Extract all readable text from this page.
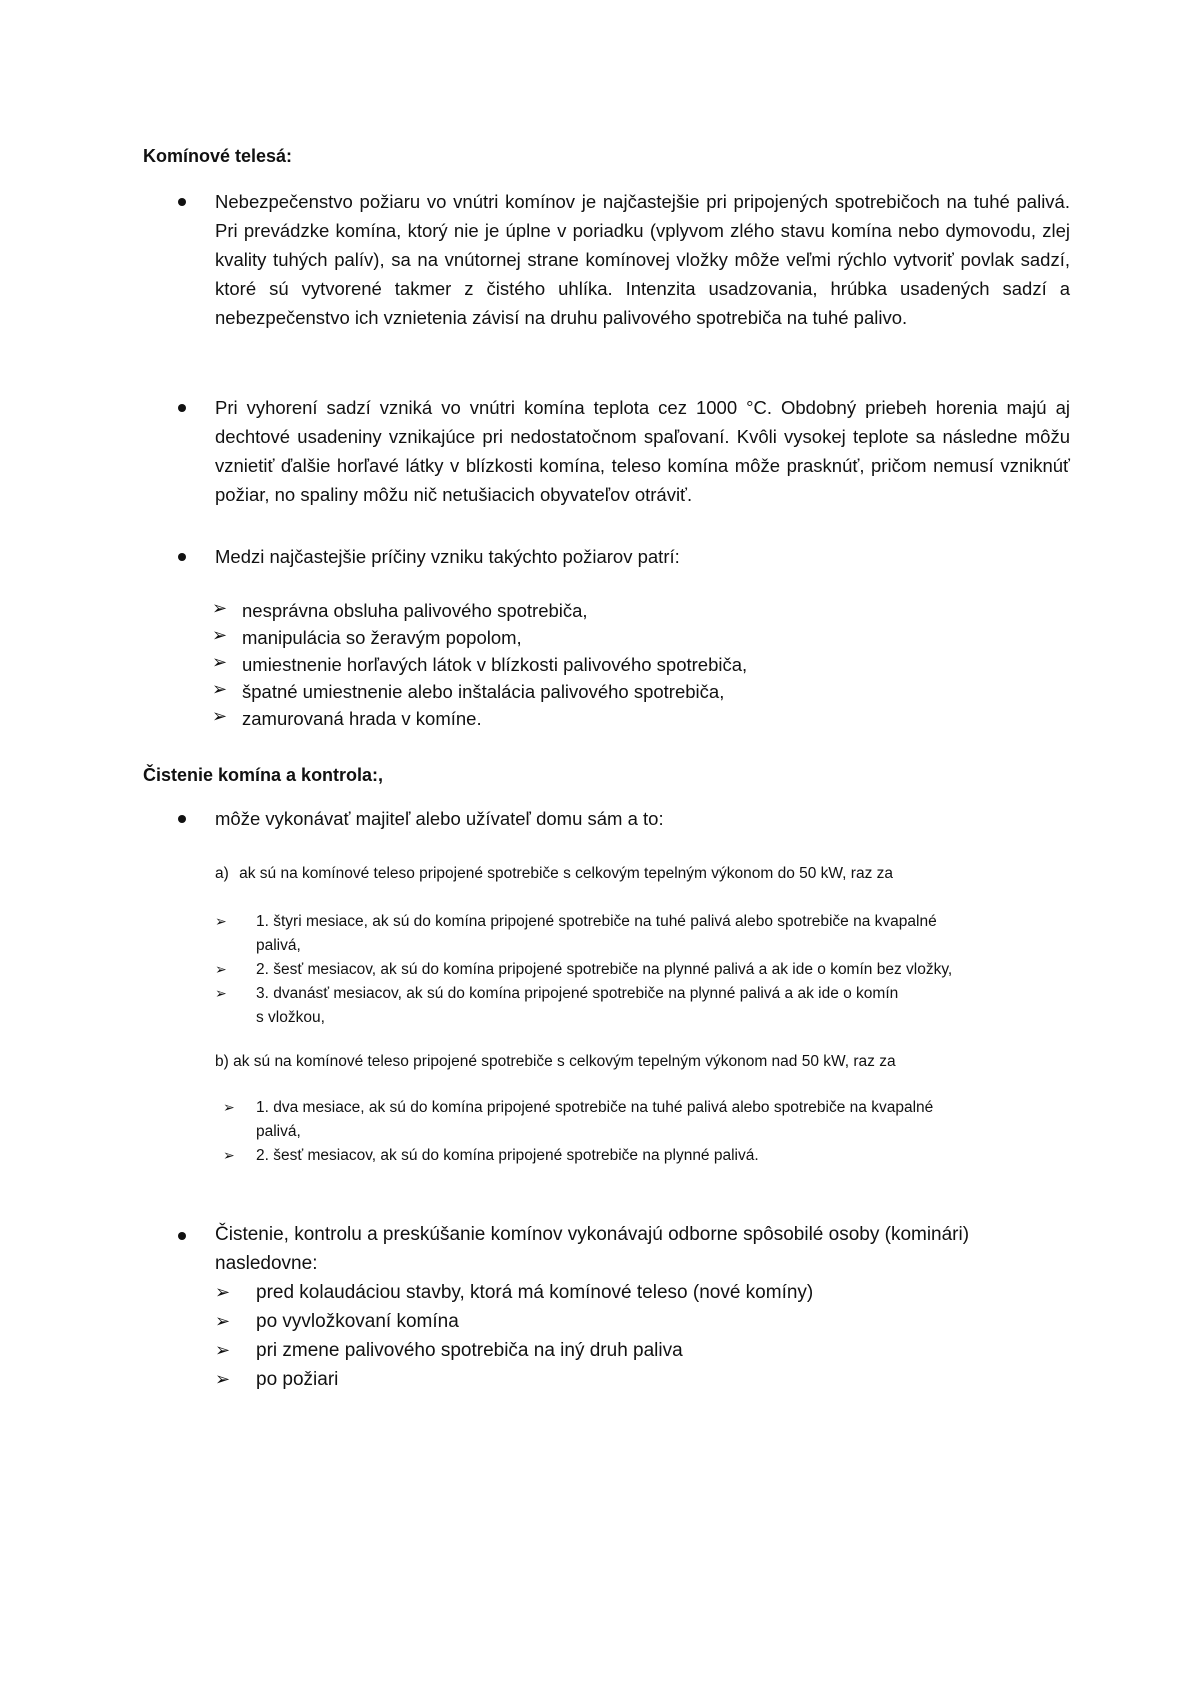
Komínové telesá:
Nebezpečenstvo požiaru vo vnútri komínov je najčastejšie pri pripojených spotrebičoch na tuhé palivá. Pri prevádzke komína, ktorý nie je úplne v poriadku (vplyvom zlého stavu komína nebo dymovodu, zlej kvality tuhých palív), sa na vnútornej strane komínovej vložky môže veľmi rýchlo vytvoriť povlak sadzí, ktoré sú vytvorené takmer z čistého uhlíka. Intenzita usadzovania, hrúbka usadených sadzí a nebezpečenstvo ich vznietenia závisí na druhu palivového spotrebiča na tuhé palivo.
Pri vyhorení sadzí vzniká vo vnútri komína teplota cez 1000 °C. Obdobný priebeh horenia majú aj dechtové usadeniny vznikajúce pri nedostatočnom spaľovaní. Kvôli vysokej teplote sa následne môžu vznietiť ďalšie horľavé látky v blízkosti komína, teleso komína môže prasknúť, pričom nemusí vzniknúť požiar, no spaliny môžu nič netušiacich obyvateľov otráviť.
Medzi najčastejšie príčiny vzniku takýchto požiarov patrí:
➢ nesprávna obsluha palivového spotrebiča,
➢ manipulácia so žeravým popolom,
➢ umiestnenie horľavých látok v blízkosti palivového spotrebiča,
➢ špatné umiestnenie alebo inštalácia palivového spotrebiča,
➢ zamurovaná hrada v komíne.
Čistenie komína a kontrola:,
môže vykonávať majiteľ alebo užívateľ domu sám a to:
a) ak sú na komínové teleso pripojené spotrebiče s celkovým tepelným výkonom do 50 kW, raz za
➢ 1. štyri mesiace, ak sú do komína pripojené spotrebiče na tuhé palivá alebo spotrebiče na kvapalné
palivá,
➢ 2. šesť mesiacov, ak sú do komína pripojené spotrebiče na plynné palivá a ak ide o komín bez vložky,
➢ 3. dvanásť mesiacov, ak sú do komína pripojené spotrebiče na plynné palivá a ak ide o komín
s vložkou,
b) ak sú na komínové teleso pripojené spotrebiče s celkovým tepelným výkonom nad 50 kW, raz za
➢ 1. dva mesiace, ak sú do komína pripojené spotrebiče na tuhé palivá alebo spotrebiče na kvapalné
palivá,
➢ 2. šesť mesiacov, ak sú do komína pripojené spotrebiče na plynné palivá.
Čistenie, kontrolu a preskúšanie komínov vykonávajú odborne spôsobilé osoby (kominári)
nasledovne:
➢	pred kolaudáciou stavby, ktorá má komínové teleso (nové komíny)
➢	po vyvložkovaní komína
➢	pri zmene palivového spotrebiča na iný druh paliva
➢	po požiari
